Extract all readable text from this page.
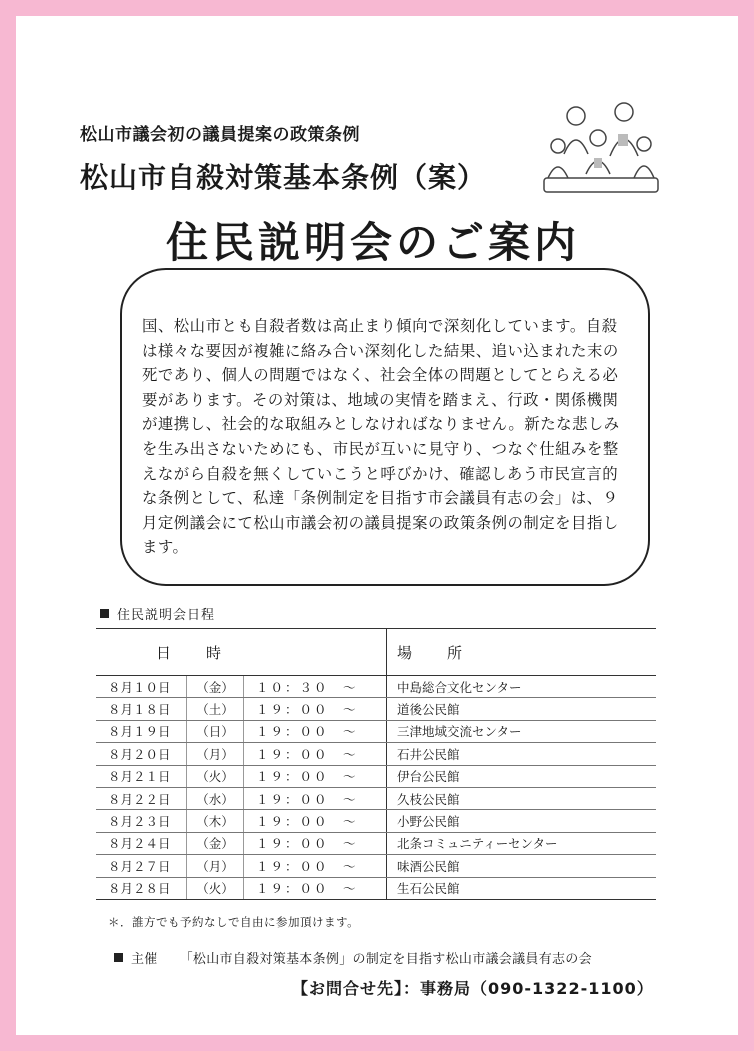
松山市議会初の議員提案の政策条例
松山市自殺対策基本条例（案）
住民説明会のご案内
国、松山市とも自殺者数は高止まり傾向で深刻化しています。自殺は様々な要因が複雑に絡み合い深刻化した結果、追い込まれた末の死であり、個人の問題ではなく、社会全体の問題としてとらえる必要があります。その対策は、地域の実情を踏まえ、行政・関係機関が連携し、社会的な取組みとしなければなりません。新たな悲しみを生み出さないためにも、市民が互いに見守り、つなぐ仕組みを整えながら自殺を無くしていこうと呼びかけ、確認しあう市民宣言的な条例として、私達「条例制定を目指す市会議員有志の会」は、９月定例議会にて松山市議会初の議員提案の政策条例の制定を目指します。
住民説明会日程
日　時			場　所
８月１０日	（金）	１０：３０　～	中島総合文化センター
８月１８日	（土）	１９：００　～	道後公民館
８月１９日	（日）	１９：００　～	三津地域交流センター
８月２０日	（月）	１９：００　～	石井公民館
８月２１日	（火）	１９：００　～	伊台公民館
８月２２日	（水）	１９：００　～	久枝公民館
８月２３日	（木）	１９：００　～	小野公民館
８月２４日	（金）	１９：００　～	北条コミュニティーセンター
８月２７日	（月）	１９：００　～	味酒公民館
８月２８日	（火）	１９：００　～	生石公民館
＊．誰方でも予約なしで自由に参加頂けます。
主催 「松山市自殺対策基本条例」の制定を目指す松山市議会議員有志の会
【お問合せ先】：事務局（090-1322-1100）
